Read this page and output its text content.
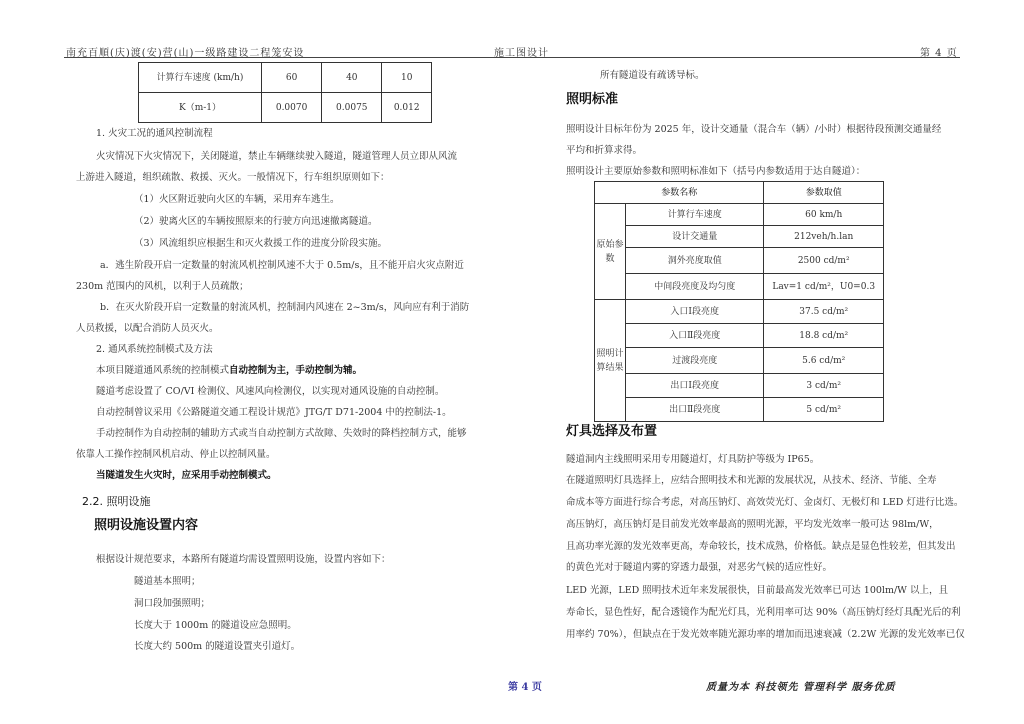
南充百順(庆)渡(安)营(山)一级路建设二程笼安设	施工图设计	第 4 页
计算行车速度 (km/h)	60	40	10
K（m-1）	0.0070	0.0075	0.012

1. 火灾工况的通风控制流程

火灾情况下火灾情况下，关闭隧道，禁止车辆继续驶入隧道，隧道管理人员立即从风流

上游进入隧道，组织疏散、救援、灭火。一般情况下，行车组织原则如下：

（1）火区附近驶向火区的车辆，采用弃车逃生。

（2）驶离火区的车辆按照原来的行驶方向迅速撤离隧道。

（3）风流组织应根据生和灭火救援工作的进度分阶段实施。

a．逃生阶段开启一定数量的射流风机控制风速不大于 0.5m/s，且不能开启火灾点附近

230m 范围内的风机，以利于人员疏散；

b．在灭火阶段开启一定数量的射流风机，控制洞内风速在 2~3m/s，风向应有利于消防

人员救援，以配合消防人员灭火。

2. 通风系统控制模式及方法

本项目隧道通风系统的控制模式自动控制为主，手动控制为辅。

隧道考虑设置了 CO/VI 检测仪、风速风向检测仪，以实现对通风设施的自动控制。

自动控制曾议采用《公路隧道交通工程设计规范》JTG/T D71-2004 中的控制法-1。

手动控制作为自动控制的辅助方式或当自动控制方式故障、失效时的降档控制方式，能够

依靠人工操作控制风机启动、停止以控制风量。

当隧道发生火灾时，应采用手动控制模式。

2.2. 照明设施

照明设施设置内容

根据设计规范要求，本路所有隧道均需设置照明设施，设置内容如下：

隧道基本照明；

洞口段加强照明；

长度大于 1000m 的隧道设应急照明。

长度大约 500m 的隧道设置夹引道灯。

所有隧道设有疏诱导标。

照明标准

照明设计目标年份为 2025 年，设计交通量（混合车（辆）/小时）根据待段预测交通量经

平均和折算求得。

照明设计主要原始参数和照明标准如下（括号内参数适用于达自隧道）：

参数名称		参数取值
原始参数	计算行车速度	60 km/h
	设计交通量	212veh/h.lan
	洞外亮度取值	2500 cd/m²
	中间段亮度及均匀度	Lav=1 cd/m²，U0=0.3
照明计算结果	入口Ⅰ段亮度	37.5 cd/m²
	入口Ⅱ段亮度	18.8 cd/m²
	过渡段亮度	5.6 cd/m²
	出口Ⅰ段亮度	3 cd/m²
	出口Ⅱ段亮度	5 cd/m²
灯具选择及布置

隧道洞内主线照明采用专用隧道灯，灯具防护等级为 IP65。

在隧道照明灯具选择上，应结合照明技术和光源的发展状况，从技术、经济、节能、全寿

命成本等方面进行综合考虑，对高压钠灯、高效荧光灯、金卤灯、无极灯和 LED 灯进行比选。

高压钠灯，高压钠灯是目前发光效率最高的照明光源，平均发光效率一般可达 98lm/W，

且高功率光源的发光效率更高，寿命较长，技术成熟，价格低。缺点是显色性较差，但其发出

的黄色光对于隧道内雾的穿透力最强，对恶劣气候的适应性好。

LED 光源，LED 照明技术近年来发展很快，目前最高发光效率已可达 100lm/W 以上，且

寿命长，显色性好，配合透镜作为配光灯具，光利用率可达 90%（高压钠灯经灯具配光后的利

用率约 70%），但缺点在于发光效率随光源功率的增加而迅速衰减（2.2W 光源的发光效率已仅

第 4 页	质量为本 科技领先 管理科学 服务优质
